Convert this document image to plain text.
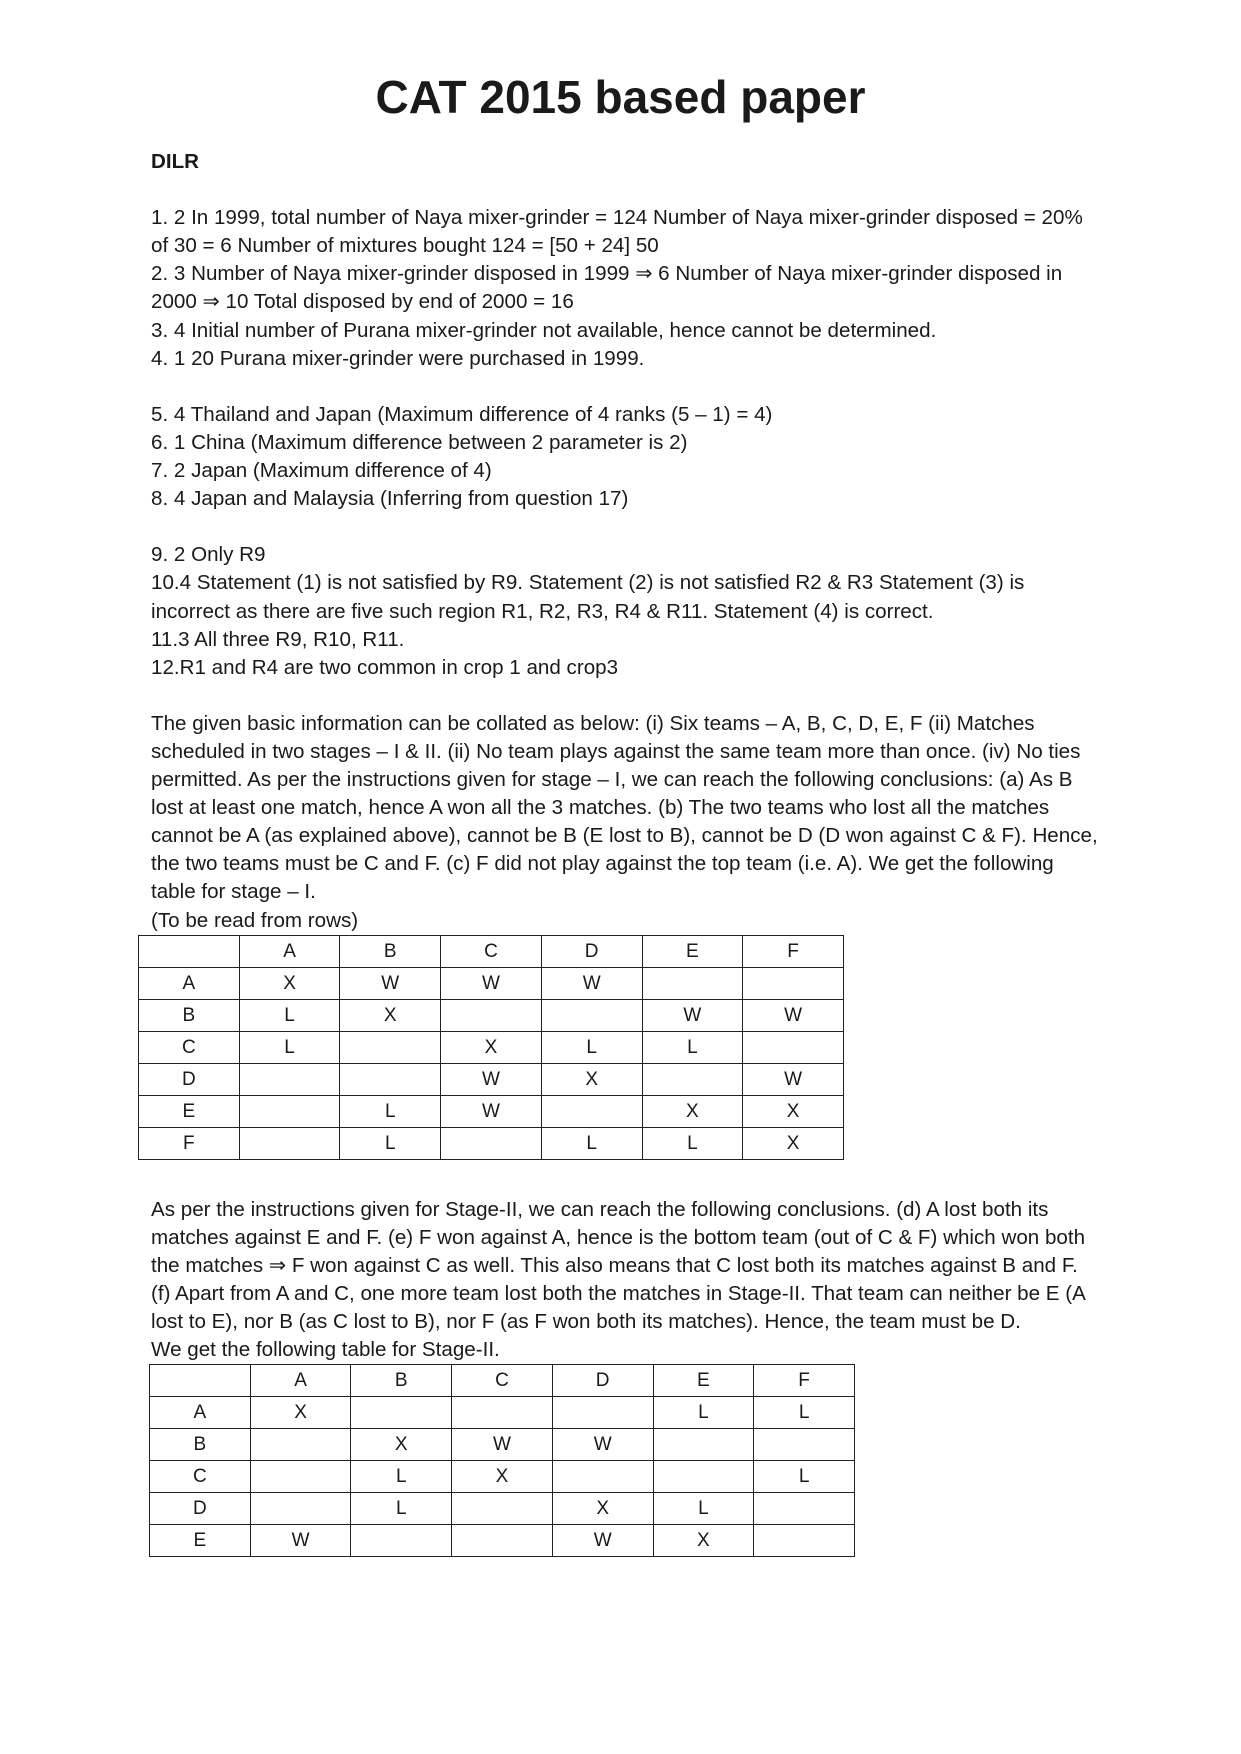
CAT 2015 based paper

DILR

1. 2 In 1999, total number of Naya mixer-grinder = 124 Number of Naya mixer-grinder disposed = 20% of 30 = 6 Number of mixtures bought 124 = [50 + 24] 50

2. 3 Number of Naya mixer-grinder disposed in 1999 ⇒ 6 Number of Naya mixer-grinder disposed in 2000 ⇒ 10 Total disposed by end of 2000 = 16

3. 4 Initial number of Purana mixer-grinder not available, hence cannot be determined.

4. 1 20 Purana mixer-grinder were purchased in 1999.

5. 4 Thailand and Japan (Maximum difference of 4 ranks (5 – 1) = 4)

6. 1 China (Maximum difference between 2 parameter is 2)

7. 2 Japan (Maximum difference of 4)

8. 4 Japan and Malaysia (Inferring from question 17)

9. 2 Only R9

10.4 Statement (1) is not satisfied by R9. Statement (2) is not satisfied R2 & R3 Statement (3) is incorrect as there are five such region R1, R2, R3, R4 & R11. Statement (4) is correct.

11.3 All three R9, R10, R11.

12.R1 and R4 are two common in crop 1 and crop3

The given basic information can be collated as below: (i) Six teams – A, B, C, D, E, F (ii) Matches scheduled in two stages – I & II. (ii) No team plays against the same team more than once. (iv) No ties permitted. As per the instructions given for stage – I, we can reach the following conclusions: (a) As B lost at least one match, hence A won all the 3 matches. (b) The two teams who lost all the matches cannot be A (as explained above), cannot be B (E lost to B), cannot be D (D won against C & F). Hence, the two teams must be C and F. (c) F did not play against the top team (i.e. A). We get the following table for stage – I.

(To be read from rows)

	A	B	C	D	E	F
A	X	W	W	W		
B	L	X			W	W
C	L		X	L	L	
D			W	X		W
E		L	W		X	X
F		L		L	L	X

As per the instructions given for Stage-II, we can reach the following conclusions. (d) A lost both its matches against E and F. (e) F won against A, hence is the bottom team (out of C & F) which won both the matches ⇒ F won against C as well. This also means that C lost both its matches against B and F. (f) Apart from A and C, one more team lost both the matches in Stage-II. That team can neither be E (A lost to E), nor B (as C lost to B), nor F (as F won both its matches). Hence, the team must be D.

We get the following table for Stage-II.

	A	B	C	D	E	F
A	X				L	L
B		X	W	W		
C		L	X			L
D		L		X	L	
E	W			W	X	
